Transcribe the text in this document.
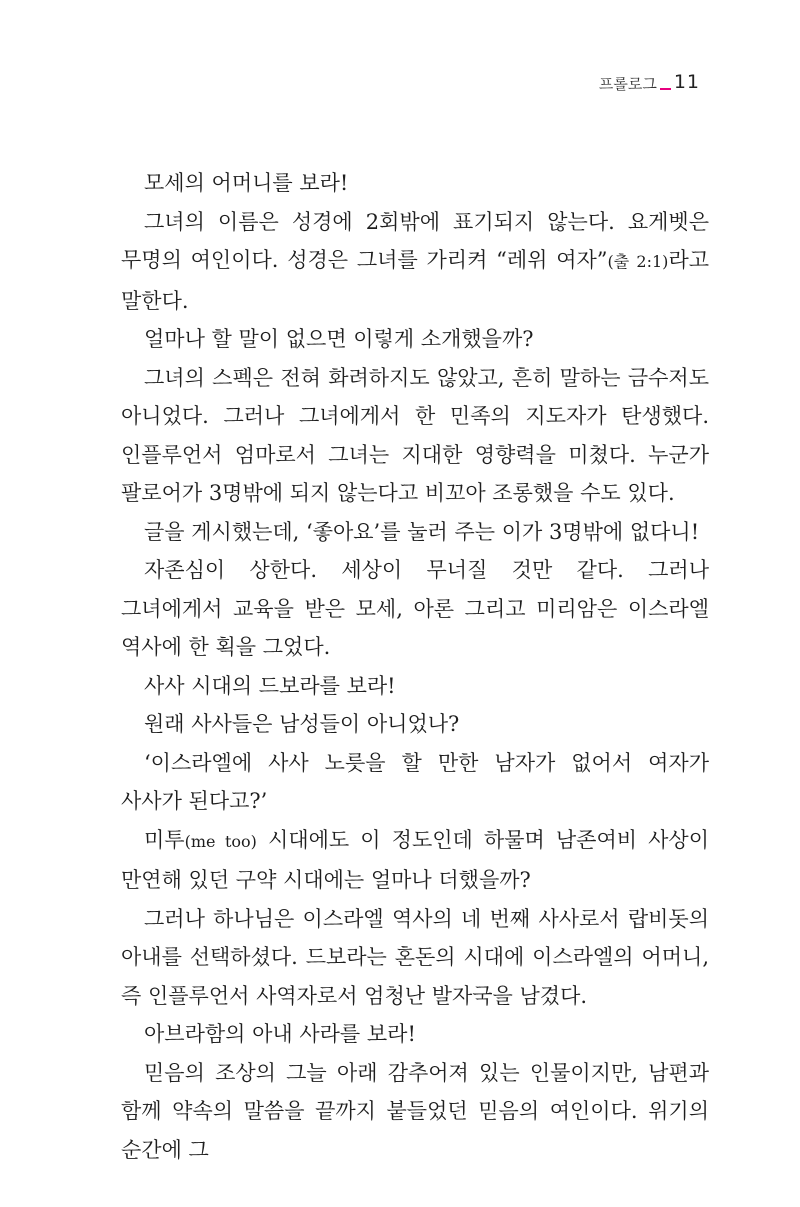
프롤로그 11

모세의 어머니를 보라!

그녀의 이름은 성경에 2회밖에 표기되지 않는다. 요게벳은 무명의 여인이다. 성경은 그녀를 가리켜 “레위 여자”(출 2:1)라고 말한다.

얼마나 할 말이 없으면 이렇게 소개했을까?

그녀의 스펙은 전혀 화려하지도 않았고, 흔히 말하는 금수저도 아니었다. 그러나 그녀에게서 한 민족의 지도자가 탄생했다. 인플루언서 엄마로서 그녀는 지대한 영향력을 미쳤다. 누군가 팔로어가 3명밖에 되지 않는다고 비꼬아 조롱했을 수도 있다.

글을 게시했는데, ‘좋아요’를 눌러 주는 이가 3명밖에 없다니!

자존심이 상한다. 세상이 무너질 것만 같다. 그러나 그녀에게서 교육을 받은 모세, 아론 그리고 미리암은 이스라엘 역사에 한 획을 그었다.

사사 시대의 드보라를 보라!

원래 사사들은 남성들이 아니었나?

‘이스라엘에 사사 노릇을 할 만한 남자가 없어서 여자가 사사가 된다고?’

미투(me too) 시대에도 이 정도인데 하물며 남존여비 사상이 만연해 있던 구약 시대에는 얼마나 더했을까?

그러나 하나님은 이스라엘 역사의 네 번째 사사로서 랍비돗의 아내를 선택하셨다. 드보라는 혼돈의 시대에 이스라엘의 어머니, 즉 인플루언서 사역자로서 엄청난 발자국을 남겼다.

아브라함의 아내 사라를 보라!

믿음의 조상의 그늘 아래 감추어져 있는 인물이지만, 남편과 함께 약속의 말씀을 끝까지 붙들었던 믿음의 여인이다. 위기의 순간에 그
